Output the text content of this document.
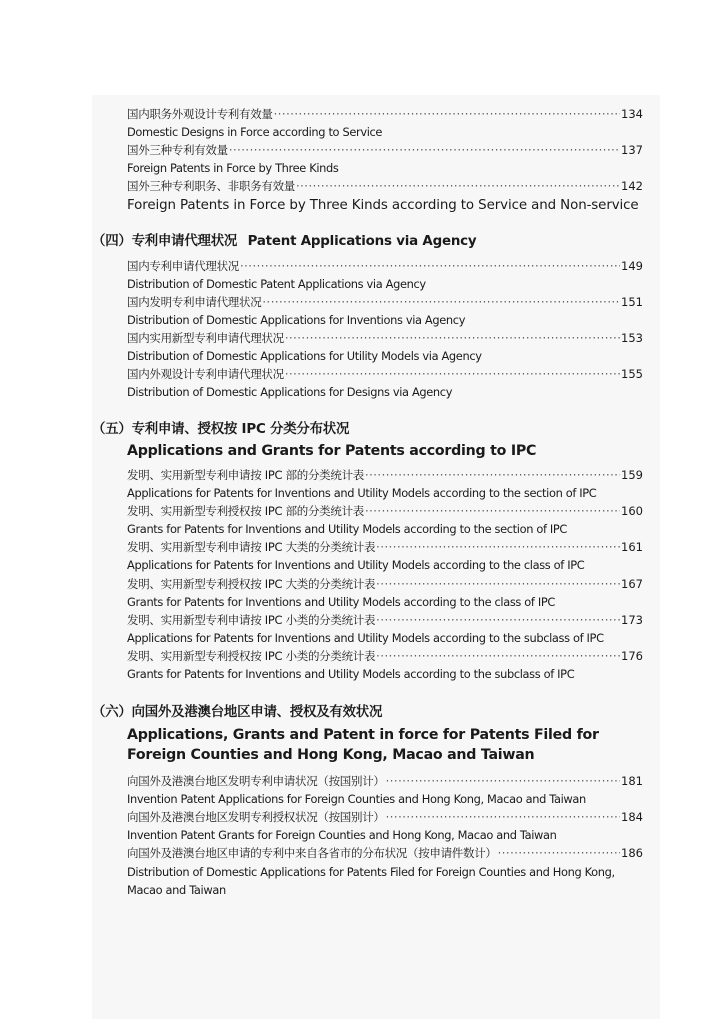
国内职务外观设计专利有效量 ·····	134
Domestic Designs in Force according to Service
国外三种专利有效量 ·····	137
Foreign Patents in Force by Three Kinds
国外三种专利职务、非职务有效量 ·····	142
Foreign Patents in Force by Three Kinds according to Service and Non-service
（四）专利申请代理状况 Patent Applications via Agency
国内专利申请代理状况 ·····	149
Distribution of Domestic Patent Applications via Agency
国内发明专利申请代理状况 ·····	151
Distribution of Domestic Applications for Inventions via Agency
国内实用新型专利申请代理状况 ·····	153
Distribution of Domestic Applications for Utility Models via Agency
国内外观设计专利申请代理状况 ·····	155
Distribution of Domestic Applications for Designs via Agency
（五）专利申请、授权按 IPC 分类分布状况
Applications and Grants for Patents according to IPC
发明、实用新型专利申请按 IPC 部的分类统计表 ·····	159
Applications for Patents for Inventions and Utility Models according to the section of IPC
发明、实用新型专利授权按 IPC 部的分类统计表 ·····	160
Grants for Patents for Inventions and Utility Models according to the section of IPC
发明、实用新型专利申请按 IPC 大类的分类统计表 ·····	161
Applications for Patents for Inventions and Utility Models according to the class of IPC
发明、实用新型专利授权按 IPC 大类的分类统计表 ·····	167
Grants for Patents for Inventions and Utility Models according to the class of IPC
发明、实用新型专利申请按 IPC 小类的分类统计表 ·····	173
Applications for Patents for Inventions and Utility Models according to the subclass of IPC
发明、实用新型专利授权按 IPC 小类的分类统计表 ·····	176
Grants for Patents for Inventions and Utility Models according to the subclass of IPC
（六）向国外及港澳台地区申请、授权及有效状况
Applications, Grants and Patent in force for Patents Filed for Foreign Counties and Hong Kong, Macao and Taiwan
向国外及港澳台地区发明专利申请状况（按国别计） ·····	181
Invention Patent Applications for Foreign Counties and Hong Kong, Macao and Taiwan
向国外及港澳台地区发明专利授权状况（按国别计） ·····	184
Invention Patent Grants for Foreign Counties and Hong Kong, Macao and Taiwan
向国外及港澳台地区申请的专利中来自各省市的分布状况（按申请件数计） ·····	186
Distribution of Domestic Applications for Patents Filed for Foreign Counties and Hong Kong, Macao and Taiwan
